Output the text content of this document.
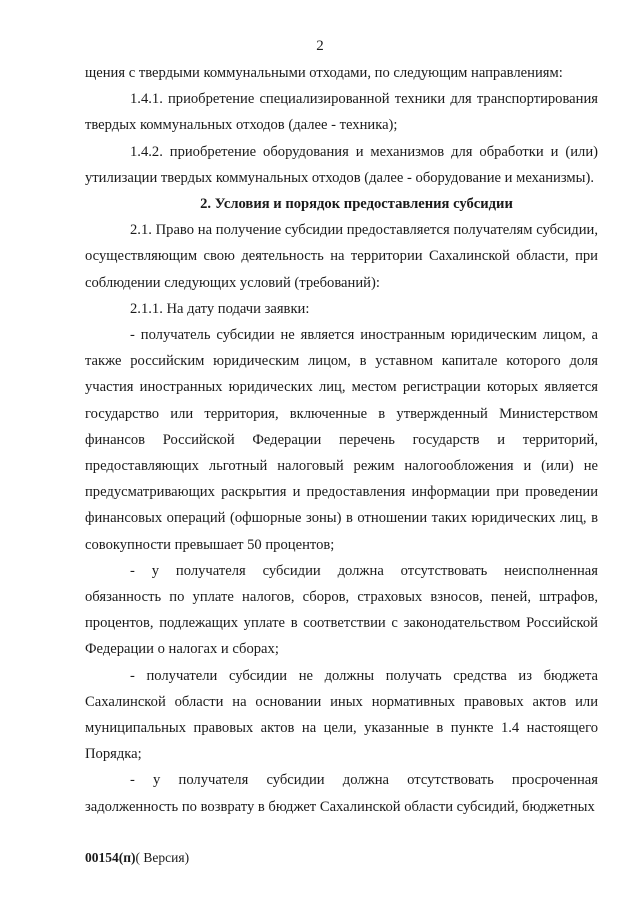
2

щения с твердыми коммунальными отходами, по следующим направлениям:

1.4.1. приобретение специализированной техники для транспортирования твердых коммунальных отходов (далее - техника);

1.4.2. приобретение оборудования и механизмов для обработки и (или) утилизации твердых коммунальных отходов (далее - оборудование и механизмы).

2. Условия и порядок предоставления субсидии

2.1. Право на получение субсидии предоставляется получателям субсидии, осуществляющим свою деятельность на территории Сахалинской области, при соблюдении следующих условий (требований):

2.1.1. На дату подачи заявки:

- получатель субсидии не является иностранным юридическим лицом, а также российским юридическим лицом, в уставном капитале которого доля участия иностранных юридических лиц, местом регистрации которых является государство или территория, включенные в утвержденный Министерством финансов Российской Федерации перечень государств и территорий, предоставляющих льготный налоговый режим налогообложения и (или) не предусматривающих раскрытия и предоставления информации при проведении финансовых операций (офшорные зоны) в отношении таких юридических лиц, в совокупности превышает 50 процентов;

- у получателя субсидии должна отсутствовать неисполненная обязанность по уплате налогов, сборов, страховых взносов, пеней, штрафов, процентов, подлежащих уплате в соответствии с законодательством Российской Федерации о налогах и сборах;

- получатели субсидии не должны получать средства из бюджета Сахалинской области на основании иных нормативных правовых актов или муниципальных правовых актов на цели, указанные в пункте 1.4 настоящего Порядка;

- у получателя субсидии должна отсутствовать просроченная задолженность по возврату в бюджет Сахалинской области субсидий, бюджетных

00154(п)( Версия)
